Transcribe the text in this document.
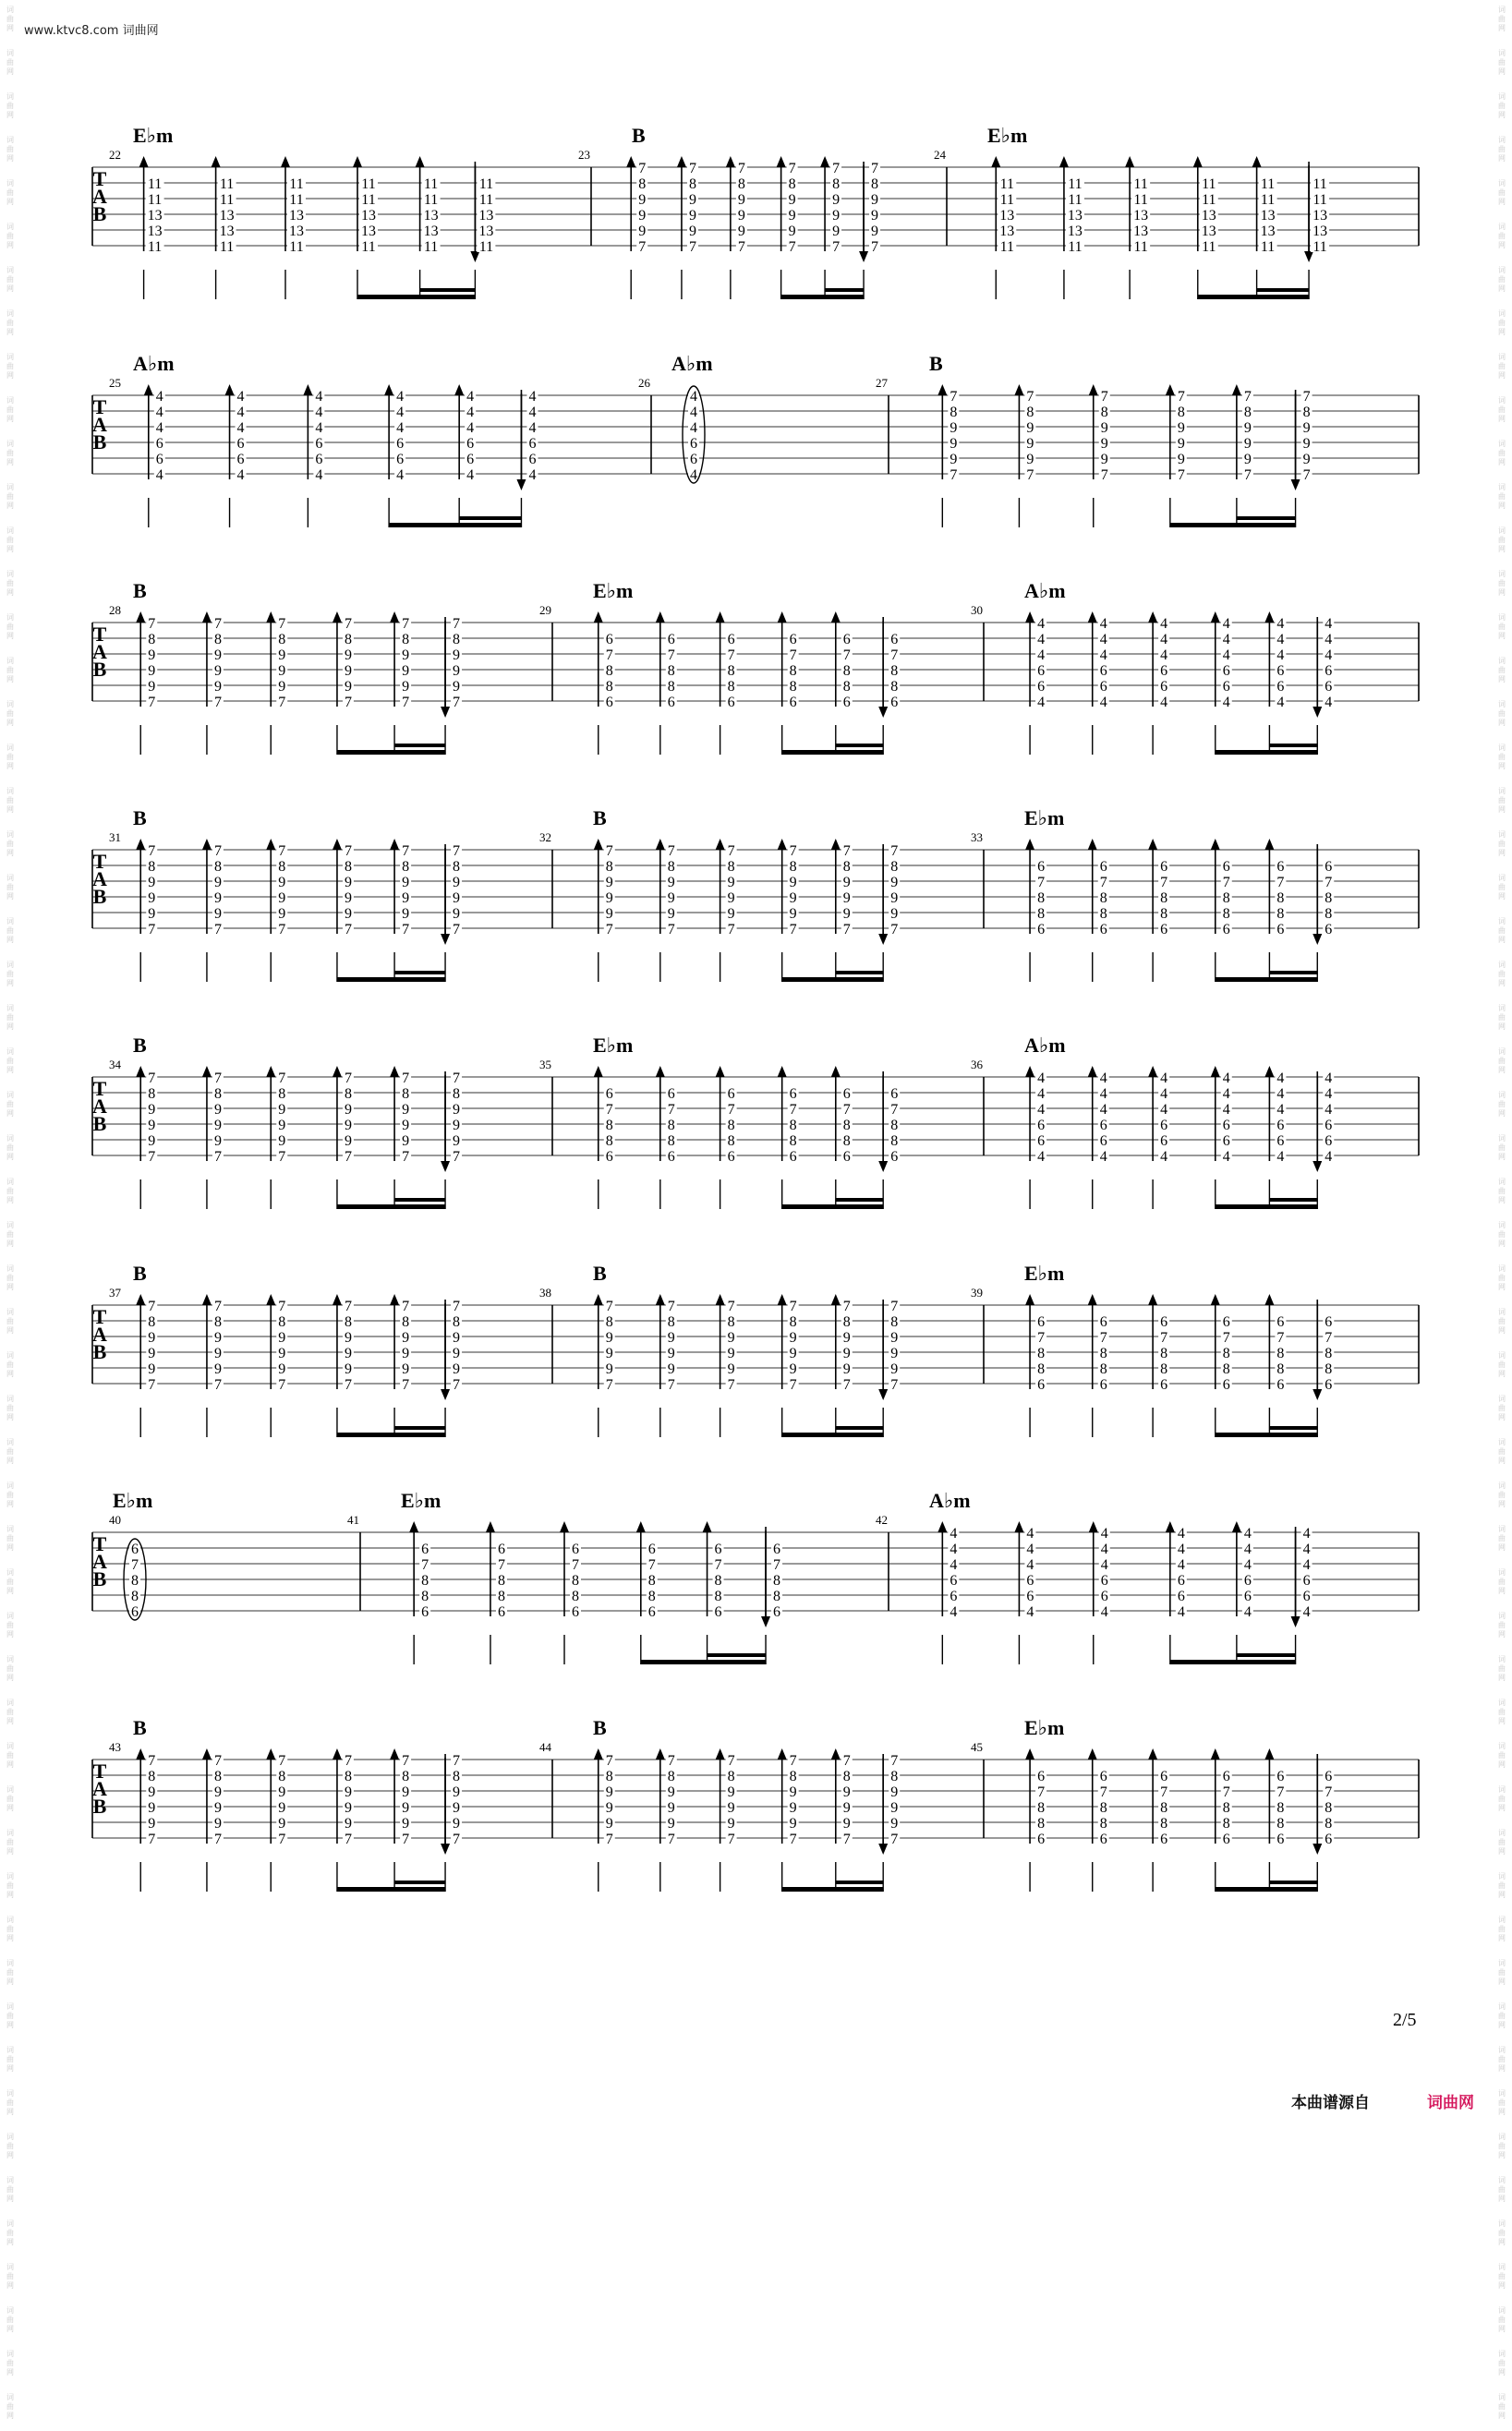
词
曲
网
词
曲
网
词
曲
网
词
曲
网
词
曲
网
词
曲
网
词
曲
网
词
曲
网
词
曲
网
词
曲
网
词
曲
网
词
曲
网
词
曲
网
词
曲
网
词
曲
网
词
曲
网
词
曲
网
词
曲
网
词
曲
网
词
曲
网
词
曲
网
词
曲
网
词
曲
网
词
曲
网
词
曲
网
词
曲
网
词
曲
网
词
曲
网
词
曲
网
词
曲
网
词
曲
网
词
曲
网
词
曲
网
词
曲
网
词
曲
网
词
曲
网
词
曲
网
词
曲
网
词
曲
网
词
曲
网
词
曲
网
词
曲
网
词
曲
网
词
曲
网
词
曲
网
词
曲
网
词
曲
网
词
曲
网
词
曲
网
词
曲
网
词
曲
网
词
曲
网
词
曲
网
词
曲
网
词
曲
网
词
曲
网
词
曲
网
词
曲
网
词
曲
网
词
曲
网
词
曲
网
词
曲
网
词
曲
网
词
曲
网
词
曲
网
词
曲
网
词
曲
网
词
曲
网
词
曲
网
词
曲
网
词
曲
网
词
曲
网
词
曲
网
词
曲
网
词
曲
网
词
曲
网
词
曲
网
词
曲
网
词
曲
网
词
曲
网
词
曲
网
词
曲
网
词
曲
网
词
曲
网
词
曲
网
词
曲
网
词
曲
网
词
曲
网
词
曲
网
词
曲
网
词
曲
网
词
曲
网
词
曲
网
词
曲
网
词
曲
网
词
曲
网
词
曲
网
词
曲
网
词
曲
网
词
曲
网
词
曲
网
词
曲
网
词
曲
网
词
曲
网
词
曲
网
词
曲
网
词
曲
网
词
曲
网
词
曲
网
词
曲
网
词
曲
网
词
曲
网
www.ktvc8.com 词曲网
T
A
B
22
E♭m
11
11
13
13
11
11
11
13
13
11
11
11
13
13
11
11
11
13
13
11
11
11
13
13
11
11
11
13
13
11
23
B
7
8
9
9
9
7
7
8
9
9
9
7
7
8
9
9
9
7
7
8
9
9
9
7
7
8
9
9
9
7
7
8
9
9
9
7
24
E♭m
11
11
13
13
11
11
11
13
13
11
11
11
13
13
11
11
11
13
13
11
11
11
13
13
11
11
11
13
13
11
T
A
B
25
A♭m
4
4
4
6
6
4
4
4
4
6
6
4
4
4
4
6
6
4
4
4
4
6
6
4
4
4
4
6
6
4
4
4
4
6
6
4
26
A♭m
4
4
4
6
6
4
27
B
7
8
9
9
9
7
7
8
9
9
9
7
7
8
9
9
9
7
7
8
9
9
9
7
7
8
9
9
9
7
7
8
9
9
9
7
T
A
B
28
B
7
8
9
9
9
7
7
8
9
9
9
7
7
8
9
9
9
7
7
8
9
9
9
7
7
8
9
9
9
7
7
8
9
9
9
7
29
E♭m
6
7
8
8
6
6
7
8
8
6
6
7
8
8
6
6
7
8
8
6
6
7
8
8
6
6
7
8
8
6
30
A♭m
4
4
4
6
6
4
4
4
4
6
6
4
4
4
4
6
6
4
4
4
4
6
6
4
4
4
4
6
6
4
4
4
4
6
6
4
T
A
B
31
B
7
8
9
9
9
7
7
8
9
9
9
7
7
8
9
9
9
7
7
8
9
9
9
7
7
8
9
9
9
7
7
8
9
9
9
7
32
B
7
8
9
9
9
7
7
8
9
9
9
7
7
8
9
9
9
7
7
8
9
9
9
7
7
8
9
9
9
7
7
8
9
9
9
7
33
E♭m
6
7
8
8
6
6
7
8
8
6
6
7
8
8
6
6
7
8
8
6
6
7
8
8
6
6
7
8
8
6
T
A
B
34
B
7
8
9
9
9
7
7
8
9
9
9
7
7
8
9
9
9
7
7
8
9
9
9
7
7
8
9
9
9
7
7
8
9
9
9
7
35
E♭m
6
7
8
8
6
6
7
8
8
6
6
7
8
8
6
6
7
8
8
6
6
7
8
8
6
6
7
8
8
6
36
A♭m
4
4
4
6
6
4
4
4
4
6
6
4
4
4
4
6
6
4
4
4
4
6
6
4
4
4
4
6
6
4
4
4
4
6
6
4
T
A
B
37
B
7
8
9
9
9
7
7
8
9
9
9
7
7
8
9
9
9
7
7
8
9
9
9
7
7
8
9
9
9
7
7
8
9
9
9
7
38
B
7
8
9
9
9
7
7
8
9
9
9
7
7
8
9
9
9
7
7
8
9
9
9
7
7
8
9
9
9
7
7
8
9
9
9
7
39
E♭m
6
7
8
8
6
6
7
8
8
6
6
7
8
8
6
6
7
8
8
6
6
7
8
8
6
6
7
8
8
6
T
A
B
40
E♭m
6
7
8
8
6
41
E♭m
6
7
8
8
6
6
7
8
8
6
6
7
8
8
6
6
7
8
8
6
6
7
8
8
6
6
7
8
8
6
42
A♭m
4
4
4
6
6
4
4
4
4
6
6
4
4
4
4
6
6
4
4
4
4
6
6
4
4
4
4
6
6
4
4
4
4
6
6
4
T
A
B
43
B
7
8
9
9
9
7
7
8
9
9
9
7
7
8
9
9
9
7
7
8
9
9
9
7
7
8
9
9
9
7
7
8
9
9
9
7
44
B
7
8
9
9
9
7
7
8
9
9
9
7
7
8
9
9
9
7
7
8
9
9
9
7
7
8
9
9
9
7
7
8
9
9
9
7
45
E♭m
6
7
8
8
6
6
7
8
8
6
6
7
8
8
6
6
7
8
8
6
6
7
8
8
6
6
7
8
8
6
2/5
本曲谱源自	词曲网
